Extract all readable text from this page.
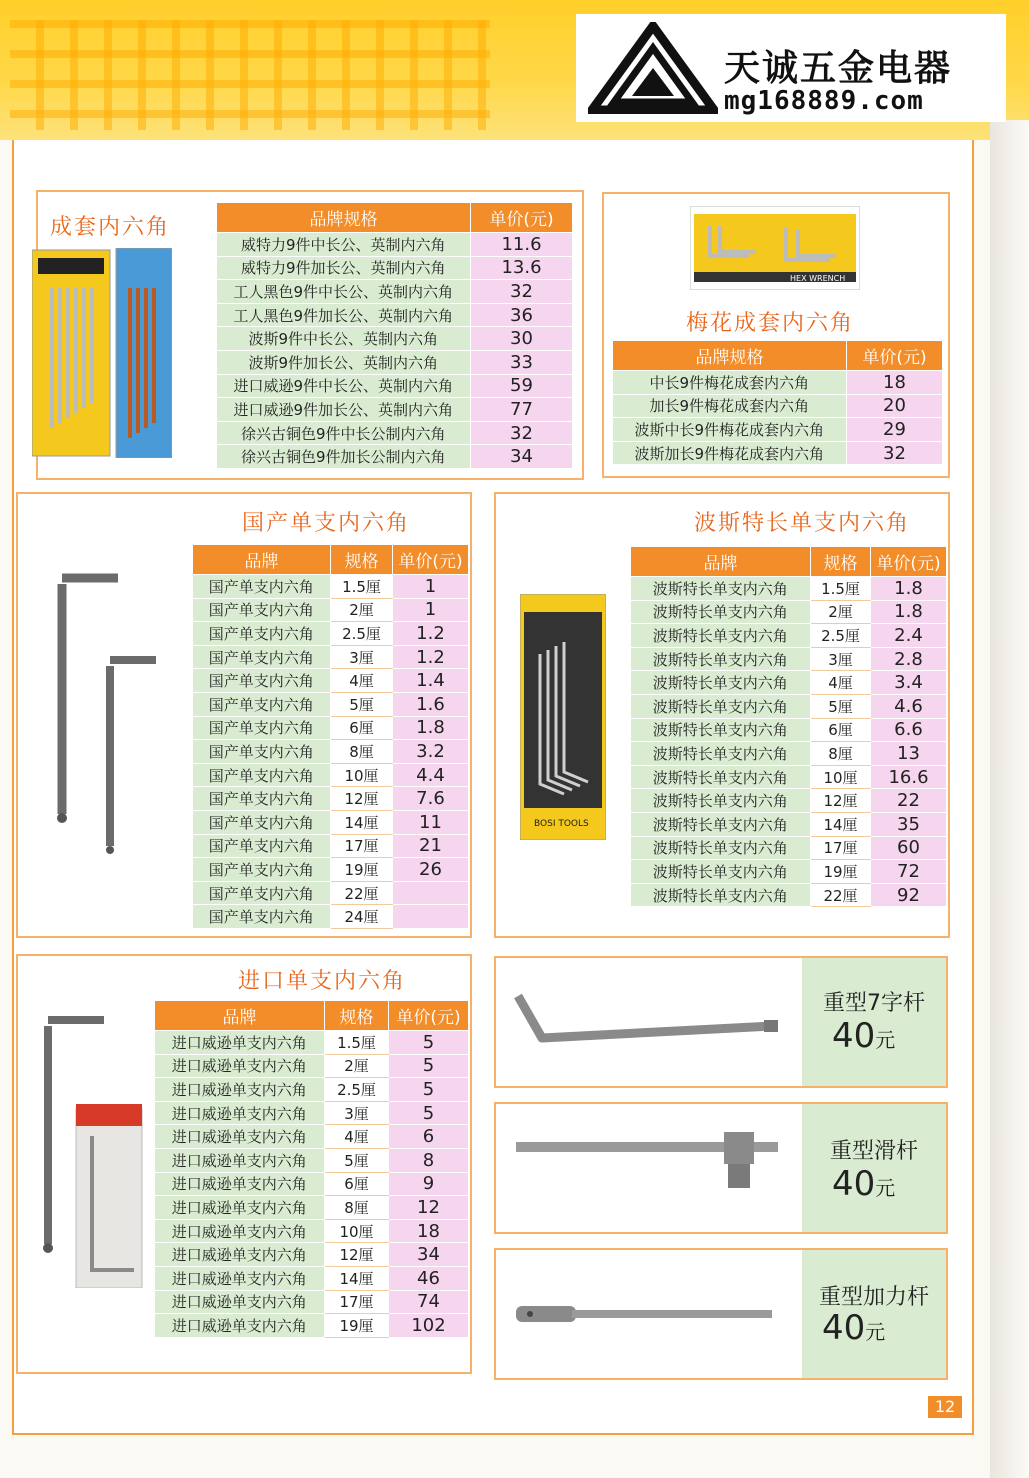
天诚五金电器
mg168889.com
成套内六角	品牌规格	单价(元)
威特力9件中长公、英制内六角	11.6
威特力9件加长公、英制内六角	13.6
工人黑色9件中长公、英制内六角	32
工人黑色9件加长公、英制内六角	36
波斯9件中长公、英制内六角	30
波斯9件加长公、英制内六角	33
进口威逊9件中长公、英制内六角	59
进口威逊9件加长公、英制内六角	77
徐兴古铜色9件中长公制内六角	32
徐兴古铜色9件加长公制内六角	34
HEX WRENCH
梅花成套内六角
品牌规格	单价(元)
中长9件梅花成套内六角	18
加长9件梅花成套内六角	20
波斯中长9件梅花成套内六角	29
波斯加长9件梅花成套内六角	32
国产单支内六角
品牌	规格	单价(元)
国产单支内六角	1.5厘	1
国产单支内六角	2厘	1
国产单支内六角	2.5厘	1.2
国产单支内六角	3厘	1.2
国产单支内六角	4厘	1.4
国产单支内六角	5厘	1.6
国产单支内六角	6厘	1.8
国产单支内六角	8厘	3.2
国产单支内六角	10厘	4.4
国产单支内六角	12厘	7.6
国产单支内六角	14厘	11
国产单支内六角	17厘	21
国产单支内六角	19厘	26
国产单支内六角	22厘	
国产单支内六角	24厘	
波斯特长单支内六角
BOSI TOOLS
品牌	规格	单价(元)
波斯特长单支内六角	1.5厘	1.8
波斯特长单支内六角	2厘	1.8
波斯特长单支内六角	2.5厘	2.4
波斯特长单支内六角	3厘	2.8
波斯特长单支内六角	4厘	3.4
波斯特长单支内六角	5厘	4.6
波斯特长单支内六角	6厘	6.6
波斯特长单支内六角	8厘	13
波斯特长单支内六角	10厘	16.6
波斯特长单支内六角	12厘	22
波斯特长单支内六角	14厘	35
波斯特长单支内六角	17厘	60
波斯特长单支内六角	19厘	72
波斯特长单支内六角	22厘	92
进口单支内六角
品牌	规格	单价(元)
进口威逊单支内六角	1.5厘	5
进口威逊单支内六角	2厘	5
进口威逊单支内六角	2.5厘	5
进口威逊单支内六角	3厘	5
进口威逊单支内六角	4厘	6
进口威逊单支内六角	5厘	8
进口威逊单支内六角	6厘	9
进口威逊单支内六角	8厘	12
进口威逊单支内六角	10厘	18
进口威逊单支内六角	12厘	34
进口威逊单支内六角	14厘	46
进口威逊单支内六角	17厘	74
进口威逊单支内六角	19厘	102
重型7字杆
40元
重型滑杆
40元
重型加力杆
40元
12
